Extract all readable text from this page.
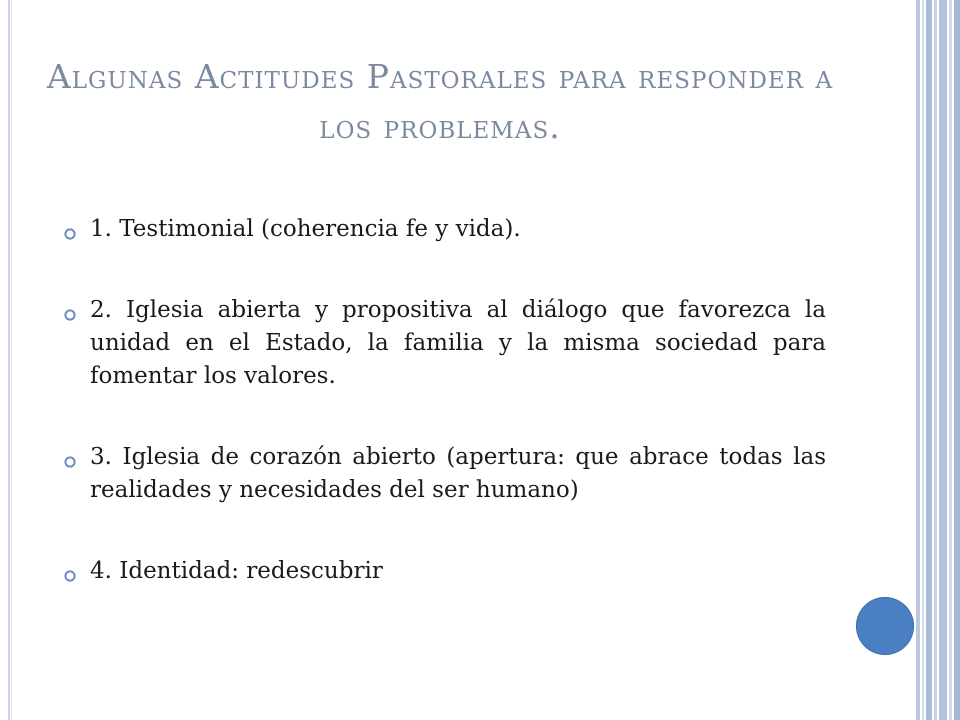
Algunas Actitudes Pastorales para responder a los problemas.
1. Testimonial (coherencia fe y vida).
2. Iglesia abierta y propositiva al diálogo que favorezca la unidad en el Estado, la familia y la misma sociedad para fomentar los valores.
3. Iglesia de corazón abierto (apertura: que abrace todas las realidades y necesidades del ser humano)
4. Identidad: redescubrir
